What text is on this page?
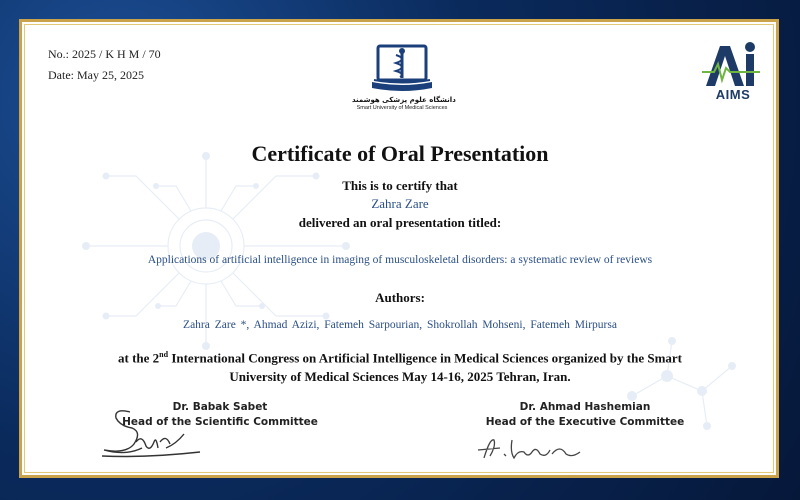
No.: 2025 / K H M / 70
Date: May 25, 2025
دانشگاه علوم پزشکی هوشمند
Smart University of Medical Sciences
AIMS
Certificate of Oral Presentation
This is to certify that
Zahra Zare
delivered an oral presentation titled:
Applications of artificial intelligence in imaging of musculoskeletal disorders: a systematic review of reviews
Authors:
Zahra Zare *, Ahmad Azizi, Fatemeh Sarpourian, Shokrollah Mohseni, Fatemeh Mirpursa
at the 2nd International Congress on Artificial Intelligence in Medical Sciences organized by the Smart University of Medical Sciences May 14-16, 2025 Tehran, Iran.
Dr. Babak Sabet
Head of the Scientific Committee
Dr. Ahmad Hashemian
Head of the Executive Committee
